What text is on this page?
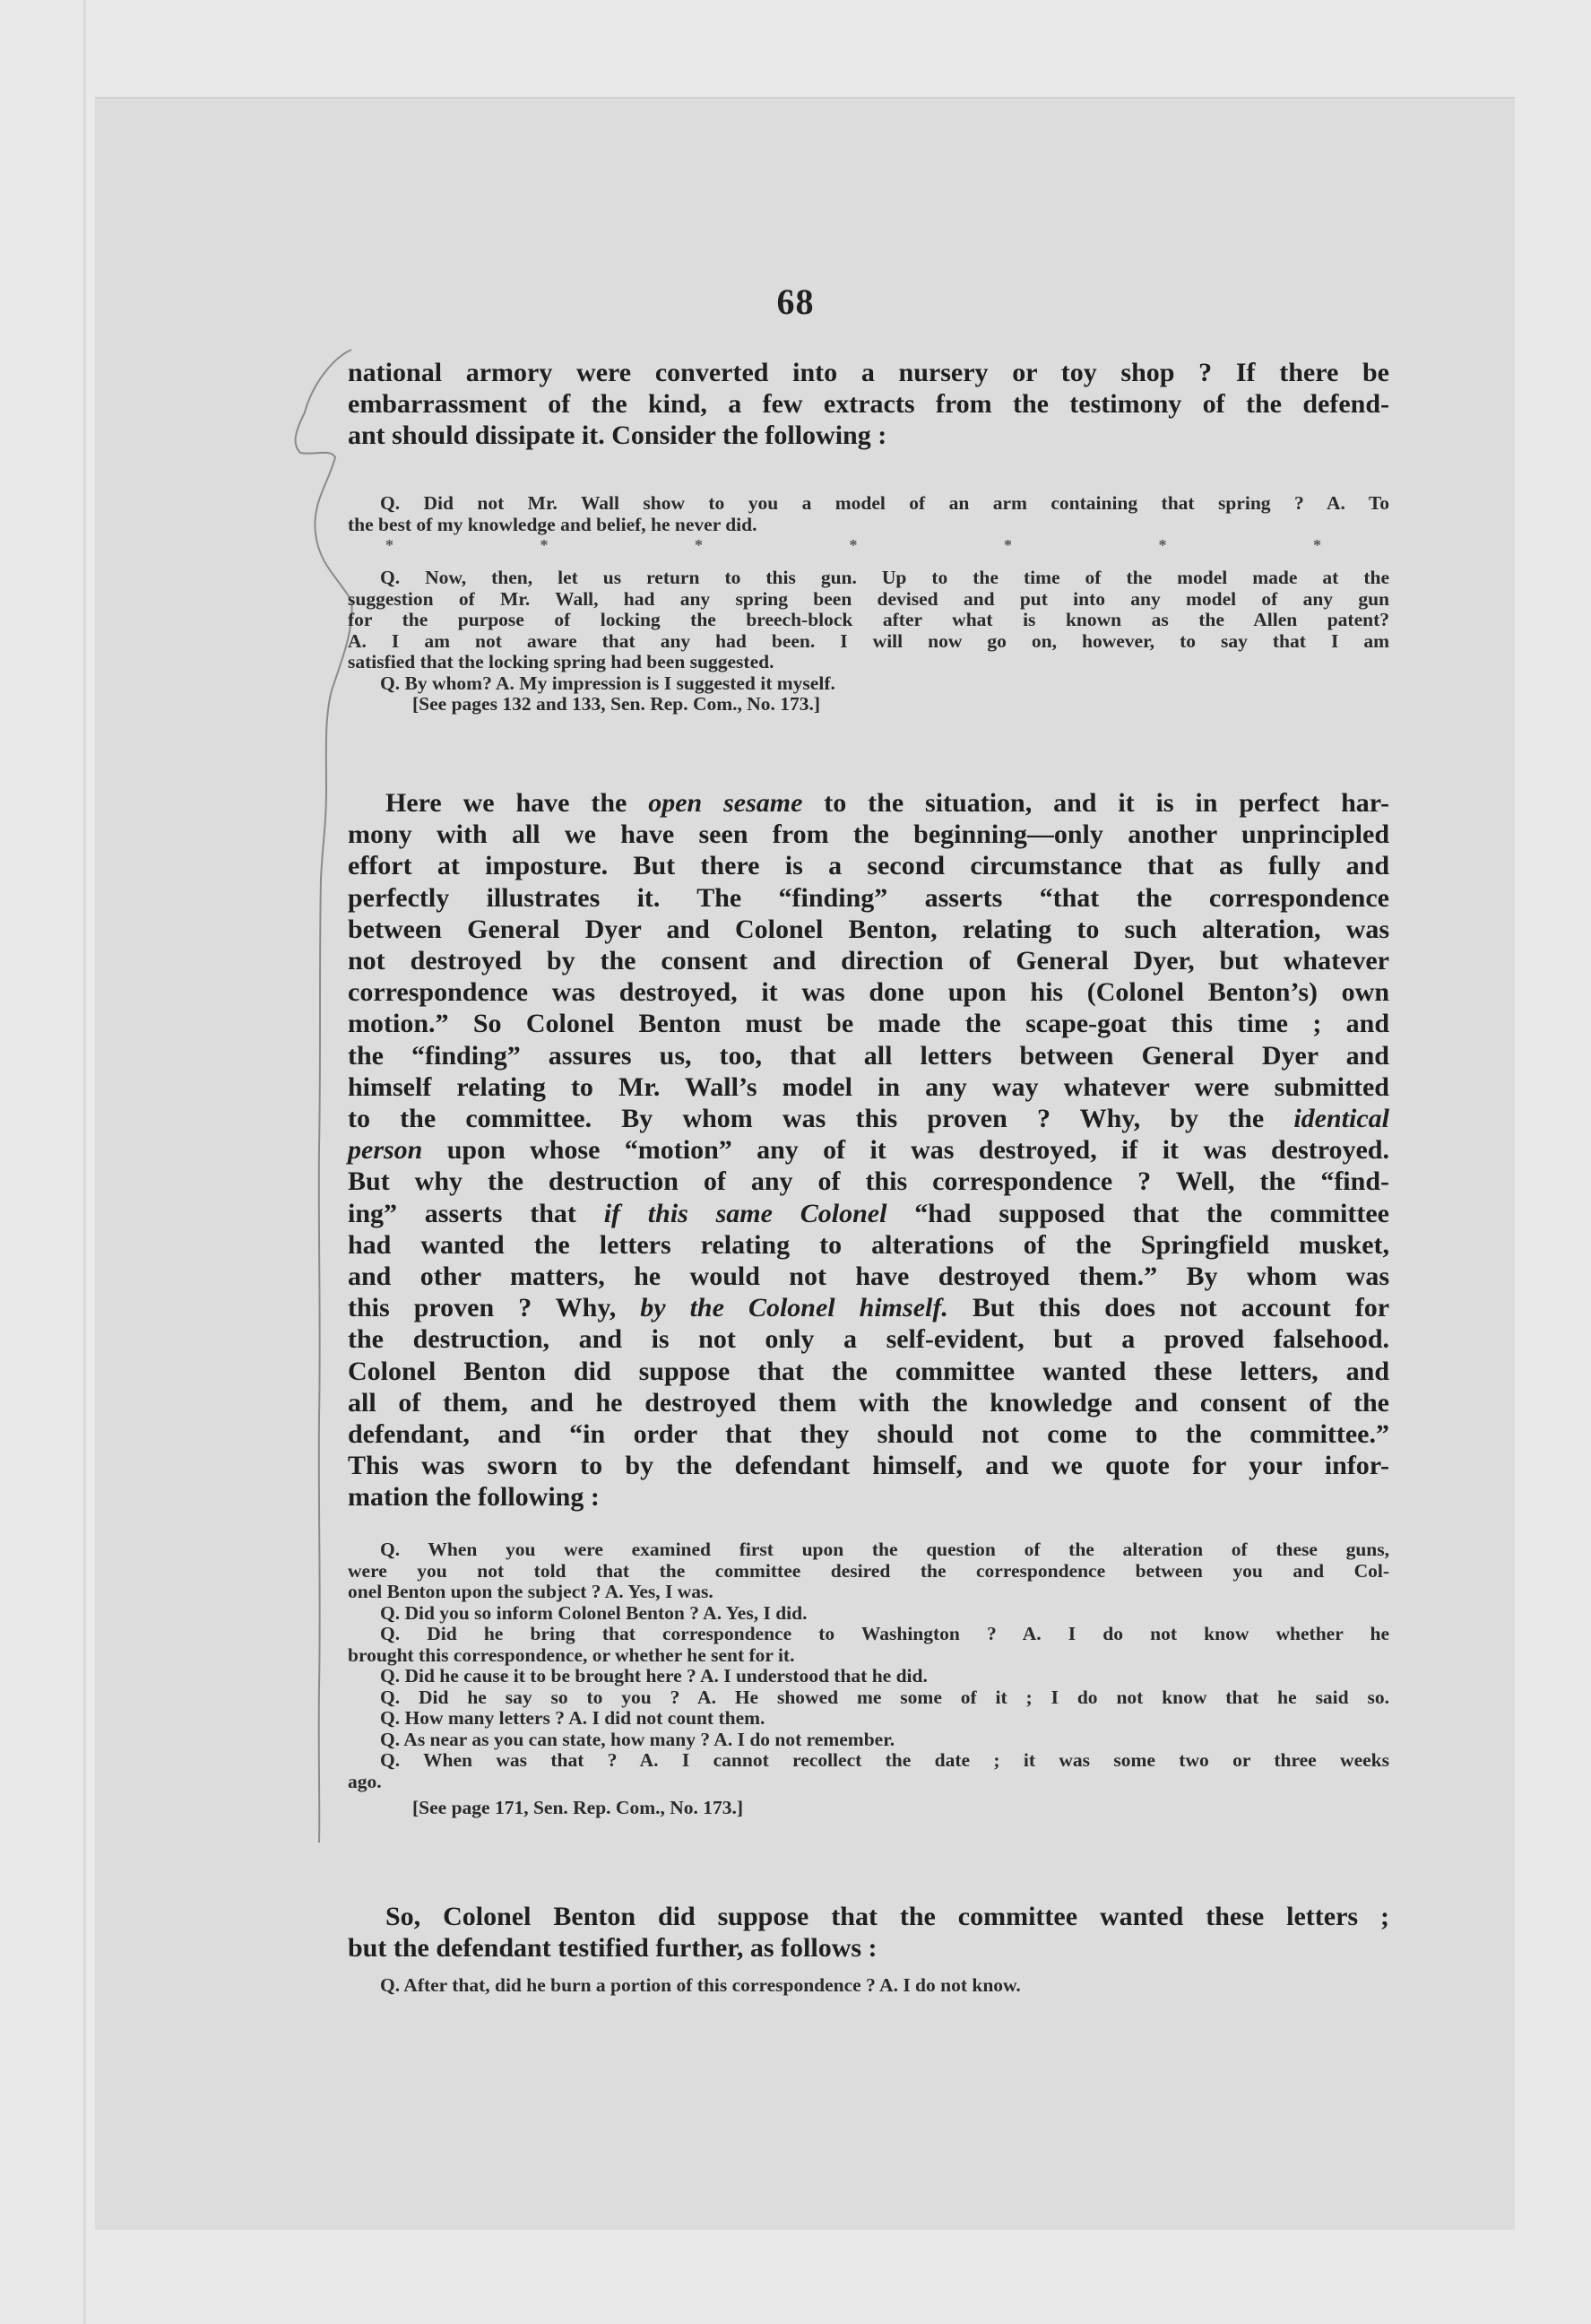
68
national armory were converted into a nursery or toy shop ? If there be
embarrassment of the kind, a few extracts from the testimony of the defend-
ant should dissipate it. Consider the following :
Q. Did not Mr. Wall show to you a model of an arm containing that spring ? A. To
the best of my knowledge and belief, he never did.
*	*	*	*	*	*	*
Q. Now, then, let us return to this gun. Up to the time of the model made at the
suggestion of Mr. Wall, had any spring been devised and put into any model of any gun
for the purpose of locking the breech-block after what is known as the Allen patent?
A. I am not aware that any had been. I will now go on, however, to say that I am
satisfied that the locking spring had been suggested.
Q. By whom? A. My impression is I suggested it myself.
[See pages 132 and 133, Sen. Rep. Com., No. 173.]
Here we have the open sesame to the situation, and it is in perfect har-
mony with all we have seen from the beginning—only another unprincipled
effort at imposture. But there is a second circumstance that as fully and
perfectly illustrates it. The “finding” asserts “that the correspondence
between General Dyer and Colonel Benton, relating to such alteration, was
not destroyed by the consent and direction of General Dyer, but whatever
correspondence was destroyed, it was done upon his (Colonel Benton’s) own
motion.” So Colonel Benton must be made the scape-goat this time ; and
the “finding” assures us, too, that all letters between General Dyer and
himself relating to Mr. Wall’s model in any way whatever were submitted
to the committee. By whom was this proven ? Why, by the identical
person upon whose “motion” any of it was destroyed, if it was destroyed.
But why the destruction of any of this correspondence ? Well, the “find-
ing” asserts that if this same Colonel “had supposed that the committee
had wanted the letters relating to alterations of the Springfield musket,
and other matters, he would not have destroyed them.” By whom was
this proven ? Why, by the Colonel himself. But this does not account for
the destruction, and is not only a self-evident, but a proved falsehood.
Colonel Benton did suppose that the committee wanted these letters, and
all of them, and he destroyed them with the knowledge and consent of the
defendant, and “in order that they should not come to the committee.”
This was sworn to by the defendant himself, and we quote for your infor-
mation the following :
Q. When you were examined first upon the question of the alteration of these guns,
were you not told that the committee desired the correspondence between you and Col-
onel Benton upon the subject ? A. Yes, I was.
Q. Did you so inform Colonel Benton ? A. Yes, I did.
Q. Did he bring that correspondence to Washington ? A. I do not know whether he
brought this correspondence, or whether he sent for it.
Q. Did he cause it to be brought here ? A. I understood that he did.
Q. Did he say so to you ? A. He showed me some of it ; I do not know that he said so.
Q. How many letters ? A. I did not count them.
Q. As near as you can state, how many ? A. I do not remember.
Q. When was that ? A. I cannot recollect the date ; it was some two or three weeks
ago.
[See page 171, Sen. Rep. Com., No. 173.]
So, Colonel Benton did suppose that the committee wanted these letters ;
but the defendant testified further, as follows :
Q. After that, did he burn a portion of this correspondence ? A. I do not know.
